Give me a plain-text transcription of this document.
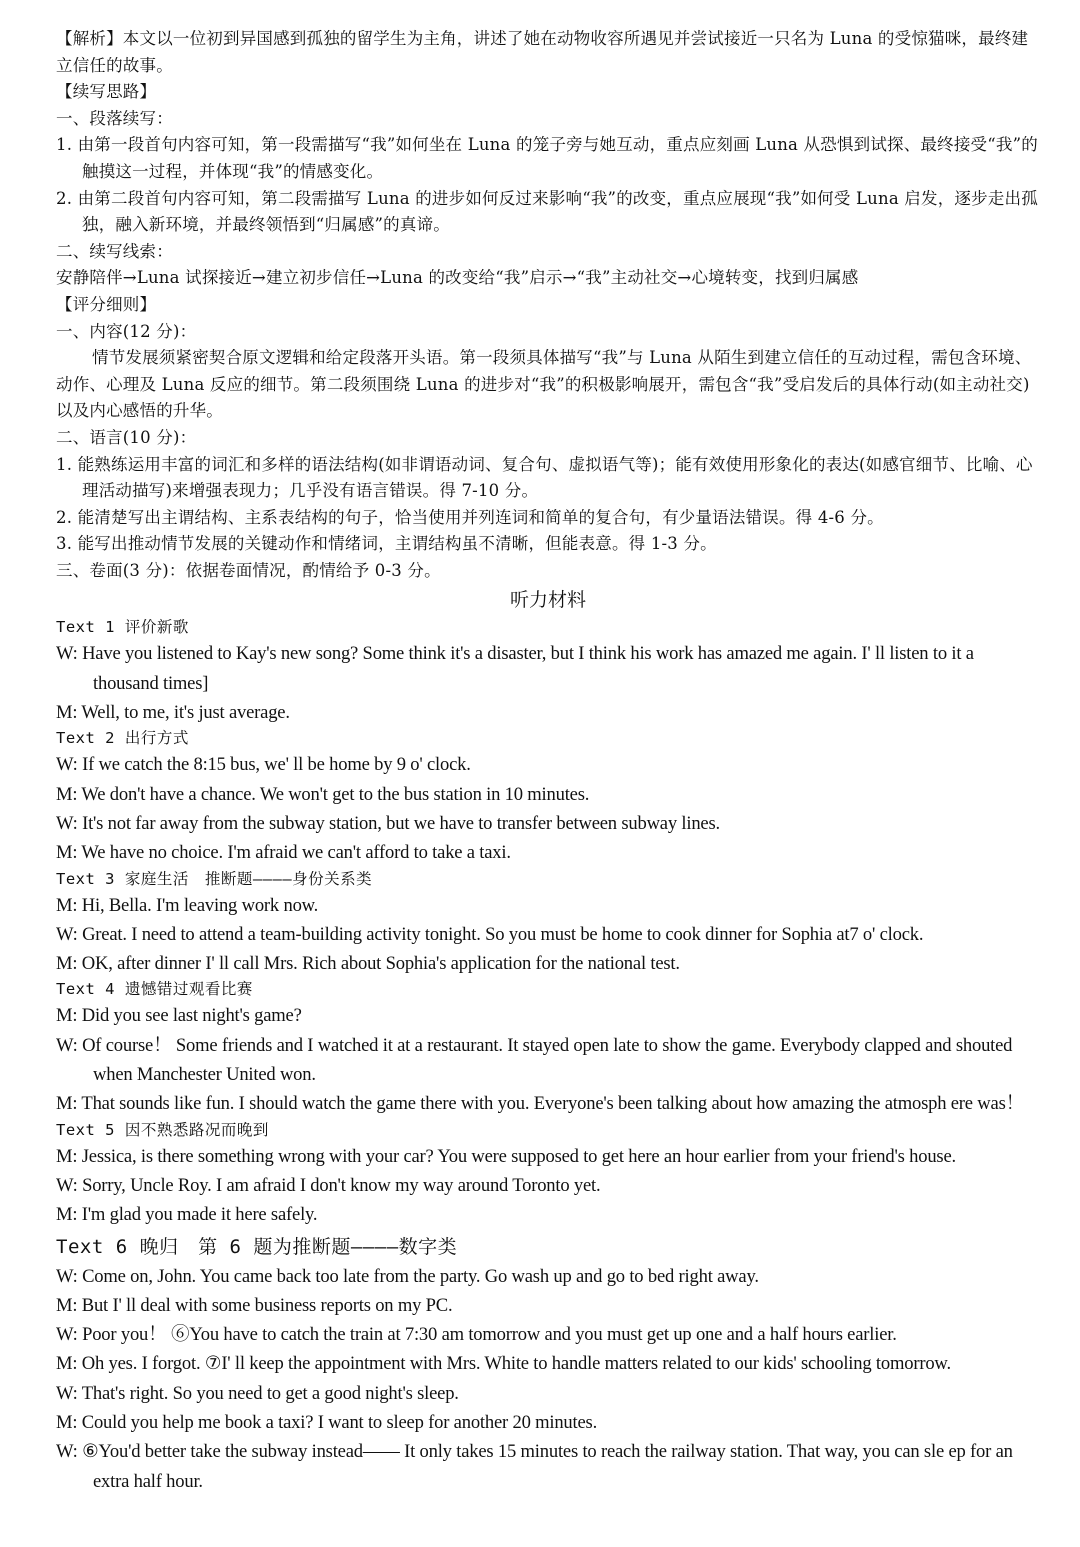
【解析】本文以一位初到异国感到孤独的留学生为主角，讲述了她在动物收容所遇见并尝试接近一只名为 Luna 的受惊猫咪，最终建立信任的故事。

【续写思路】

一、段落续写：

1. 由第一段首句内容可知，第一段需描写“我”如何坐在 Luna 的笼子旁与她互动，重点应刻画 Luna 从恐惧到试探、最终接受“我”的触摸这一过程，并体现“我”的情感变化。

2. 由第二段首句内容可知，第二段需描写 Luna 的进步如何反过来影响“我”的改变，重点应展现“我”如何受 Luna 启发，逐步走出孤独，融入新环境，并最终领悟到“归属感”的真谛。

二、续写线索：

安静陪伴→Luna 试探接近→建立初步信任→Luna 的改变给“我”启示→“我”主动社交→心境转变，找到归属感

【评分细则】

一、内容(12 分)：

情节发展须紧密契合原文逻辑和给定段落开头语。第一段须具体描写“我”与 Luna 从陌生到建立信任的互动过程，需包含环境、动作、心理及 Luna 反应的细节。第二段须围绕 Luna 的进步对“我”的积极影响展开，需包含“我”受启发后的具体行动(如主动社交)以及内心感悟的升华。

二、语言(10 分)：

1. 能熟练运用丰富的词汇和多样的语法结构(如非谓语动词、复合句、虚拟语气等)；能有效使用形象化的表达(如感官细节、比喻、心理活动描写)来增强表现力；几乎没有语言错误。得 7-10 分。

2. 能清楚写出主谓结构、主系表结构的句子，恰当使用并列连词和简单的复合句，有少量语法错误。得 4-6 分。

3. 能写出推动情节发展的关键动作和情绪词，主谓结构虽不清晰，但能表意。得 1-3 分。

三、卷面(3 分)：依据卷面情况，酌情给予 0-3 分。

听力材料
Text 1 评价新歌

W: Have you listened to Kay's new song? Some think it's a disaster, but I think his work has amazed me again. I' ll listen to it a thousand times]

M: Well, to me, it's just average.

Text 2 出行方式

W: If we catch the 8:15 bus, we' ll be home by 9 o' clock.

M: We don't have a chance. We won't get to the bus station in 10 minutes.

W: It's not far away from the subway station, but we have to transfer between subway lines.

M: We have no choice. I'm afraid we can't afford to take a taxi.

Text 3 家庭生活　推断题————身份关系类

M: Hi, Bella. I'm leaving work now.

W: Great. I need to attend a team-building activity tonight. So you must be home to cook dinner for Sophia at7 o' clock.

M: OK, after dinner I' ll call Mrs. Rich about Sophia's application for the national test.

Text 4 遗憾错过观看比赛

M: Did you see last night's game?

W: Of course！ Some friends and I watched it at a restaurant. It stayed open late to show the game. Everybody clapped and shouted when Manchester United won.

M: That sounds like fun. I should watch the game there with you. Everyone's been talking about how amazing the atmosph ere was！

Text 5 因不熟悉路况而晚到

M: Jessica, is there something wrong with your car? You were supposed to get here an hour earlier from your friend's house.

W: Sorry, Uncle Roy. I am afraid I don't know my way around Toronto yet.

M: I'm glad you made it here safely.

Text 6 晚归　第 6 题为推断题————数字类

W: Come on, John. You came back too late from the party. Go wash up and go to bed right away.

M: But I' ll deal with some business reports on my PC.

W: Poor you！ ⑥You have to catch the train at 7:30 am tomorrow and you must get up one and a half hours earlier.

M: Oh yes. I forgot. ⑦I' ll keep the appointment with Mrs. White to handle matters related to our kids' schooling tomorrow.

W: That's right. So you need to get a good night's sleep.

M: Could you help me book a taxi? I want to sleep for another 20 minutes.

W: ⑥You'd better take the subway instead—— It only takes 15 minutes to reach the railway station. That way, you can sle ep for an extra half hour.
